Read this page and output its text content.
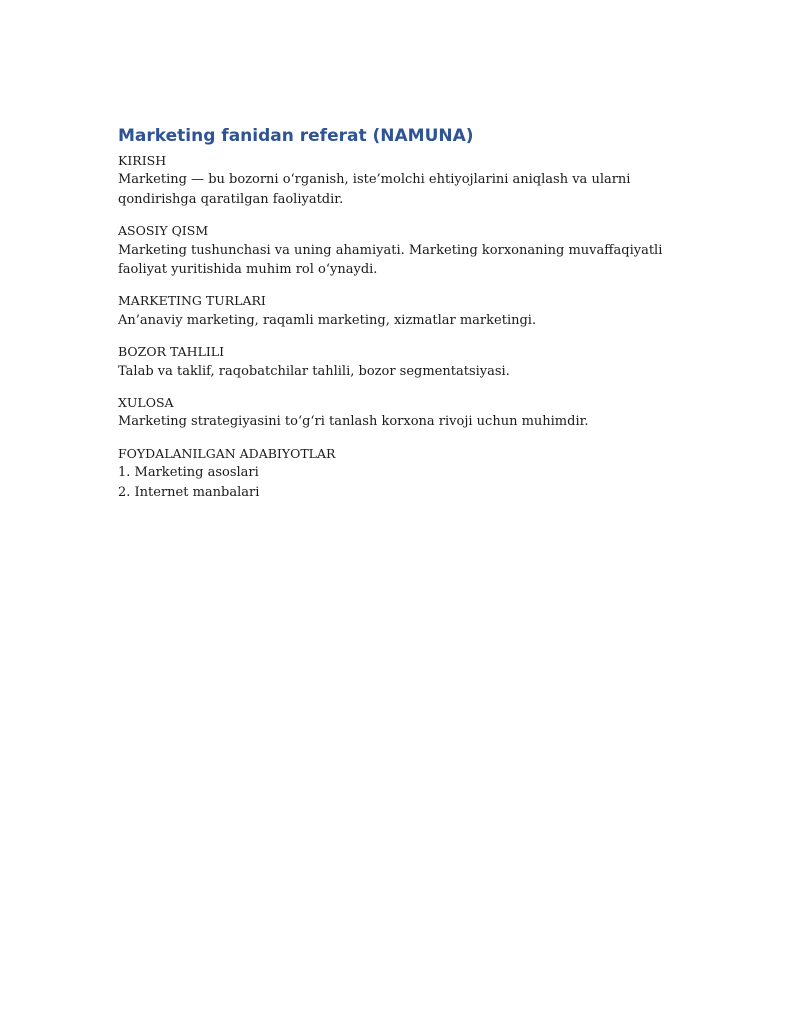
Marketing fanidan referat (NAMUNA)

KIRISH

Marketing — bu bozorni o‘rganish, iste’molchi ehtiyojlarini aniqlash va ularni qondirishga qaratilgan faoliyatdir.

ASOSIY QISM

Marketing tushunchasi va uning ahamiyati. Marketing korxonaning muvaffaqiyatli faoliyat yuritishida muhim rol o‘ynaydi.

MARKETING TURLARI

An’anaviy marketing, raqamli marketing, xizmatlar marketingi.

BOZOR TAHLILI

Talab va taklif, raqobatchilar tahlili, bozor segmentatsiyasi.

XULOSA

Marketing strategiyasini to‘g‘ri tanlash korxona rivoji uchun muhimdir.

FOYDALANILGAN ADABIYOTLAR

1. Marketing asoslari
2. Internet manbalari
